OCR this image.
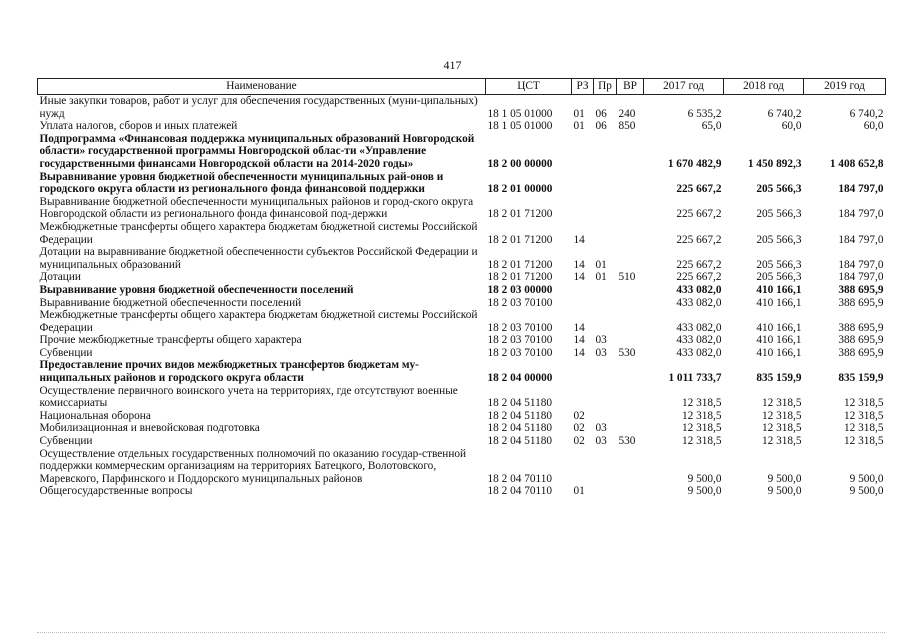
417
Наименование	ЦСТ	РЗ	Пр	ВР	2017 год	2018 год	2019 год
Иные закупки товаров, работ и услуг для обеспечения государственных (муни-ципальных) нужд	18 1 05 01000	01	06	240	6 535,2	6 740,2	6 740,2
Уплата налогов, сборов и иных платежей	18 1 05 01000	01	06	850	65,0	60,0	60,0
Подпрограмма «Финансовая поддержка муниципальных образований Новгородской области» государственной программы Новгородской облас-ти «Управление государственными финансами Новгородской области на 2014-2020 годы»	18 2 00 00000				1 670 482,9	1 450 892,3	1 408 652,8
Выравнивание уровня бюджетной обеспеченности муниципальных рай-онов и городского округа области из регионального фонда финансовой поддержки	18 2 01 00000				225 667,2	205 566,3	184 797,0
Выравнивание бюджетной обеспеченности муниципальных районов и город-ского округа Новгородской области из регионального фонда финансовой под-держки	18 2 01 71200				225 667,2	205 566,3	184 797,0
Межбюджетные трансферты общего характера бюджетам бюджетной системы Российской Федерации	18 2 01 71200	14			225 667,2	205 566,3	184 797,0
Дотации на выравнивание бюджетной обеспеченности субъектов Российской Федерации и муниципальных образований	18 2 01 71200	14	01		225 667,2	205 566,3	184 797,0
Дотации	18 2 01 71200	14	01	510	225 667,2	205 566,3	184 797,0
Выравнивание уровня бюджетной обеспеченности поселений	18 2 03 00000				433 082,0	410 166,1	388 695,9
Выравнивание бюджетной обеспеченности поселений	18 2 03 70100				433 082,0	410 166,1	388 695,9
Межбюджетные трансферты общего характера бюджетам бюджетной системы Российской Федерации	18 2 03 70100	14			433 082,0	410 166,1	388 695,9
Прочие межбюджетные трансферты общего характера	18 2 03 70100	14	03		433 082,0	410 166,1	388 695,9
Субвенции	18 2 03 70100	14	03	530	433 082,0	410 166,1	388 695,9
Предоставление прочих видов межбюджетных трансфертов бюджетам му-ниципальных районов и городского округа области	18 2 04 00000				1 011 733,7	835 159,9	835 159,9
Осуществление первичного воинского учета на территориях, где отсутствуют военные комиссариаты	18 2 04 51180				12 318,5	12 318,5	12 318,5
Национальная оборона	18 2 04 51180	02			12 318,5	12 318,5	12 318,5
Мобилизационная и вневойсковая подготовка	18 2 04 51180	02	03		12 318,5	12 318,5	12 318,5
Субвенции	18 2 04 51180	02	03	530	12 318,5	12 318,5	12 318,5
Осуществление отдельных государственных полномочий по оказанию государ-ственной поддержки коммерческим организациям на территориях Батецкого, Волотовского, Маревского, Парфинского и Поддорского муниципальных районов	18 2 04 70110				9 500,0	9 500,0	9 500,0
Общегосударственные вопросы	18 2 04 70110	01			9 500,0	9 500,0	9 500,0
